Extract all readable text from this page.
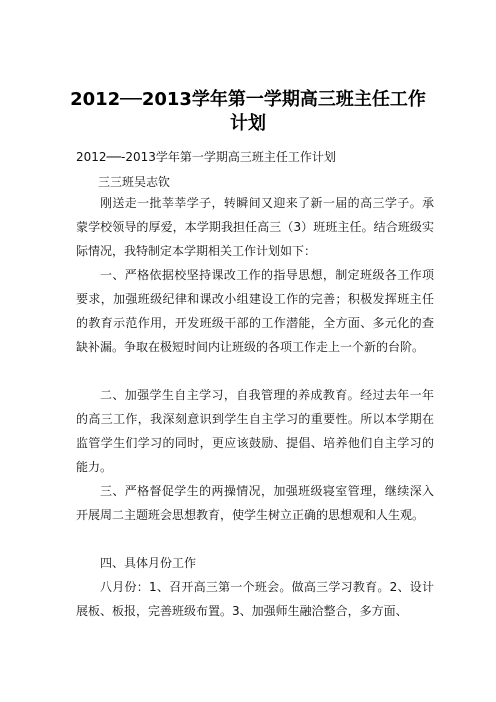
2012──2013学年第一学期高三班主任工作
计划
2012──-2013学年第一学期高三班主任工作计划
三三班吴志钦

刚送走一批莘莘学子，转瞬间又迎来了新一届的高三学子。承蒙学校领导的厚爱，本学期我担任高三（3）班班主任。结合班级实际情况，我特制定本学期相关工作计划如下：

一、严格依据校坚持课改工作的指导思想，制定班级各工作项要求，加强班级纪律和课改小组建设工作的完善；积极发挥班主任的教育示范作用，开发班级干部的工作潜能，全方面、多元化的查缺补漏。争取在极短时间内让班级的各项工作走上一个新的台阶。

二、加强学生自主学习，自我管理的养成教育。经过去年一年的高三工作，我深刻意识到学生自主学习的重要性。所以本学期在监管学生们学习的同时，更应该鼓励、提倡、培养他们自主学习的能力。

三、严格督促学生的两操情况，加强班级寝室管理，继续深入开展周二主题班会思想教育，使学生树立正确的思想观和人生观。

四、具体月份工作

八月份：1、召开高三第一个班会。做高三学习教育。2、设计展板、板报，完善班级布置。3、加强师生融洽整合，多方面、
